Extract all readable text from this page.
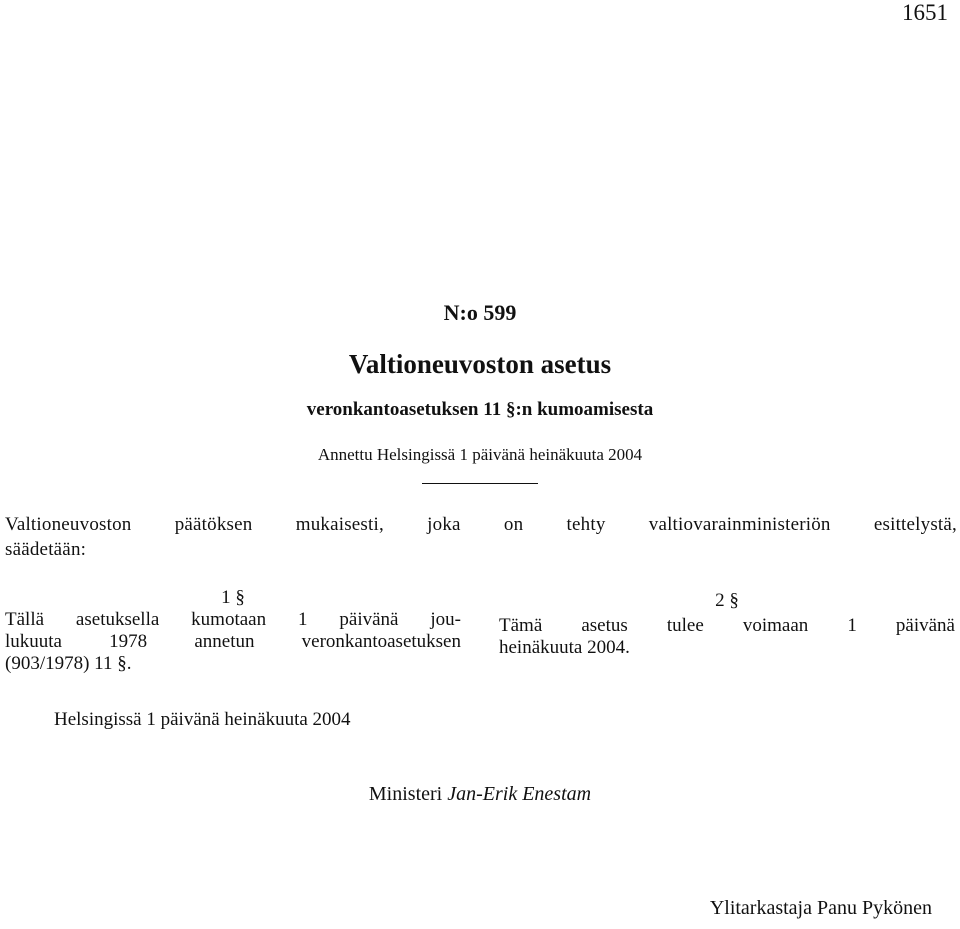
1651
N:o 599
Valtioneuvoston asetus
veronkantoasetuksen 11 §:n kumoamisesta
Annettu Helsingissä 1 päivänä heinäkuuta 2004
Valtioneuvoston päätöksen mukaisesti, joka on tehty valtiovarainministeriön esittelystä,
säädetään:
1 §
Tällä asetuksella kumotaan 1 päivänä jou-
lukuuta 1978 annetun veronkantoasetuksen
(903/1978) 11 §.
2 §
Tämä asetus tulee voimaan 1 päivänä
heinäkuuta 2004.
Helsingissä 1 päivänä heinäkuuta 2004
Ministeri Jan-Erik Enestam
Ylitarkastaja Panu Pykönen
